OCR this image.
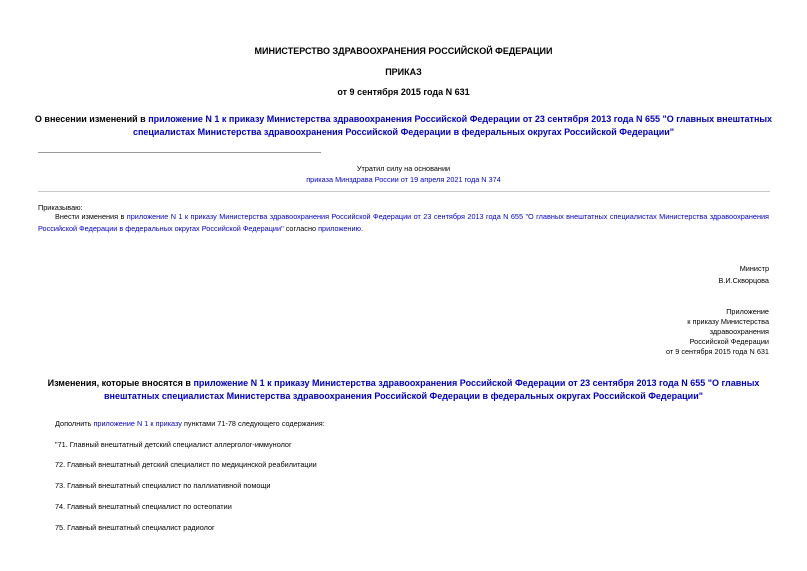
МИНИСТЕРСТВО ЗДРАВООХРАНЕНИЯ РОССИЙСКОЙ ФЕДЕРАЦИИ
ПРИКАЗ
от 9 сентября 2015 года N 631
О внесении изменений в приложение N 1 к приказу Министерства здравоохранения Российской Федерации от 23 сентября 2013 года N 655 "О главных внештатных
специалистах Министерства здравоохранения Российской Федерации в федеральных округах Российской Федерации"
Утратил силу на основании
приказа Минздрава России от 19 апреля 2021 года N 374
Приказываю:
Внести изменения в приложение N 1 к приказу Министерства здравоохранения Российской Федерации от 23 сентября 2013 года N 655 "О главных внештатных специалистах Министерства здравоохранения
Российской Федерации в федеральных округах Российской Федерации" согласно приложению.
Министр
В.И.Скворцова
Приложение
к приказу Министерства
здравоохранения
Российской Федерации
от 9 сентября 2015 года N 631
Изменения, которые вносятся в приложение N 1 к приказу Министерства здравоохранения Российской Федерации от 23 сентября 2013 года N 655 "О главных
внештатных специалистах Министерства здравоохранения Российской Федерации в федеральных округах Российской Федерации"
Дополнить приложение N 1 к приказу пунктами 71-78 следующего содержания:
"71. Главный внештатный детский специалист аллерголог-иммунолог
72. Главный внештатный детский специалист по медицинской реабилитации
73. Главный внештатный специалист по паллиативной помощи
74. Главный внештатный специалист по остеопатии
75. Главный внештатный специалист радиолог
